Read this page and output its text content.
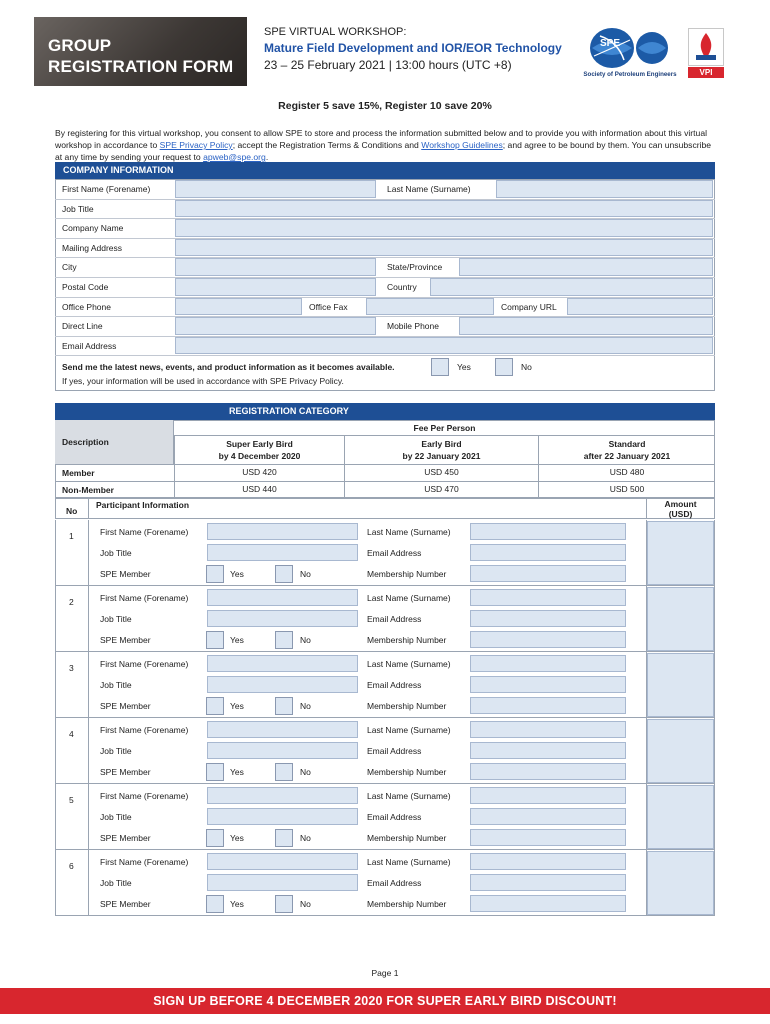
GROUP
REGISTRATION FORM
SPE VIRTUAL WORKSHOP:
Mature Field Development and IOR/EOR Technology
23 – 25 February 2021 | 13:00 hours (UTC +8)
SPE
Society of Petroleum Engineers	VPI
Register 5 save 15%, Register 10 save 20%
By registering for this virtual workshop, you consent to allow SPE to store and process the information submitted below and to provide you with information about this virtual workshop in accordance to SPE Privacy Policy; accept the Registration Terms & Conditions and Workshop Guidelines; and agree to be bound by them. You can unsubscribe at any time by sending your request to apweb@spe.org.
COMPANY INFORMATION
REGISTRATION CATEGORY
Page 1
SIGN UP BEFORE 4 DECEMBER 2020 FOR SUPER EARLY BIRD DISCOUNT!
First Name (Forename)	Last Name (Surname)
Job Title
Company Name
Mailing Address
City	State/Province
Postal Code	Country
Office Phone	Office Fax	Company URL
Direct Line	Mobile Phone
Email Address
Send me the latest news, events, and product information as it becomes available.	Yes	No
If yes, your information will be used in accordance with SPE Privacy Policy.
Description
Fee Per Person
Super Early Bird
by 4 December 2020
Early Bird
by 22 January 2021
Standard
after 22 January 2021
Member	USD 420	USD 450	USD 480
Non-Member	USD 440	USD 470	USD 500
No
Participant Information	Amount
(USD)
1	First Name (Forename)	Last Name (Surname)
Job Title	Email Address
SPE Member	Yes	No	Membership Number
2	First Name (Forename)	Last Name (Surname)
Job Title	Email Address
SPE Member	Yes	No	Membership Number
3	First Name (Forename)	Last Name (Surname)
Job Title	Email Address
SPE Member	Yes	No	Membership Number
4	First Name (Forename)	Last Name (Surname)
Job Title	Email Address
SPE Member	Yes	No	Membership Number
5	First Name (Forename)	Last Name (Surname)
Job Title	Email Address
SPE Member	Yes	No	Membership Number
6	First Name (Forename)	Last Name (Surname)
Job Title	Email Address
SPE Member	Yes	No	Membership Number
